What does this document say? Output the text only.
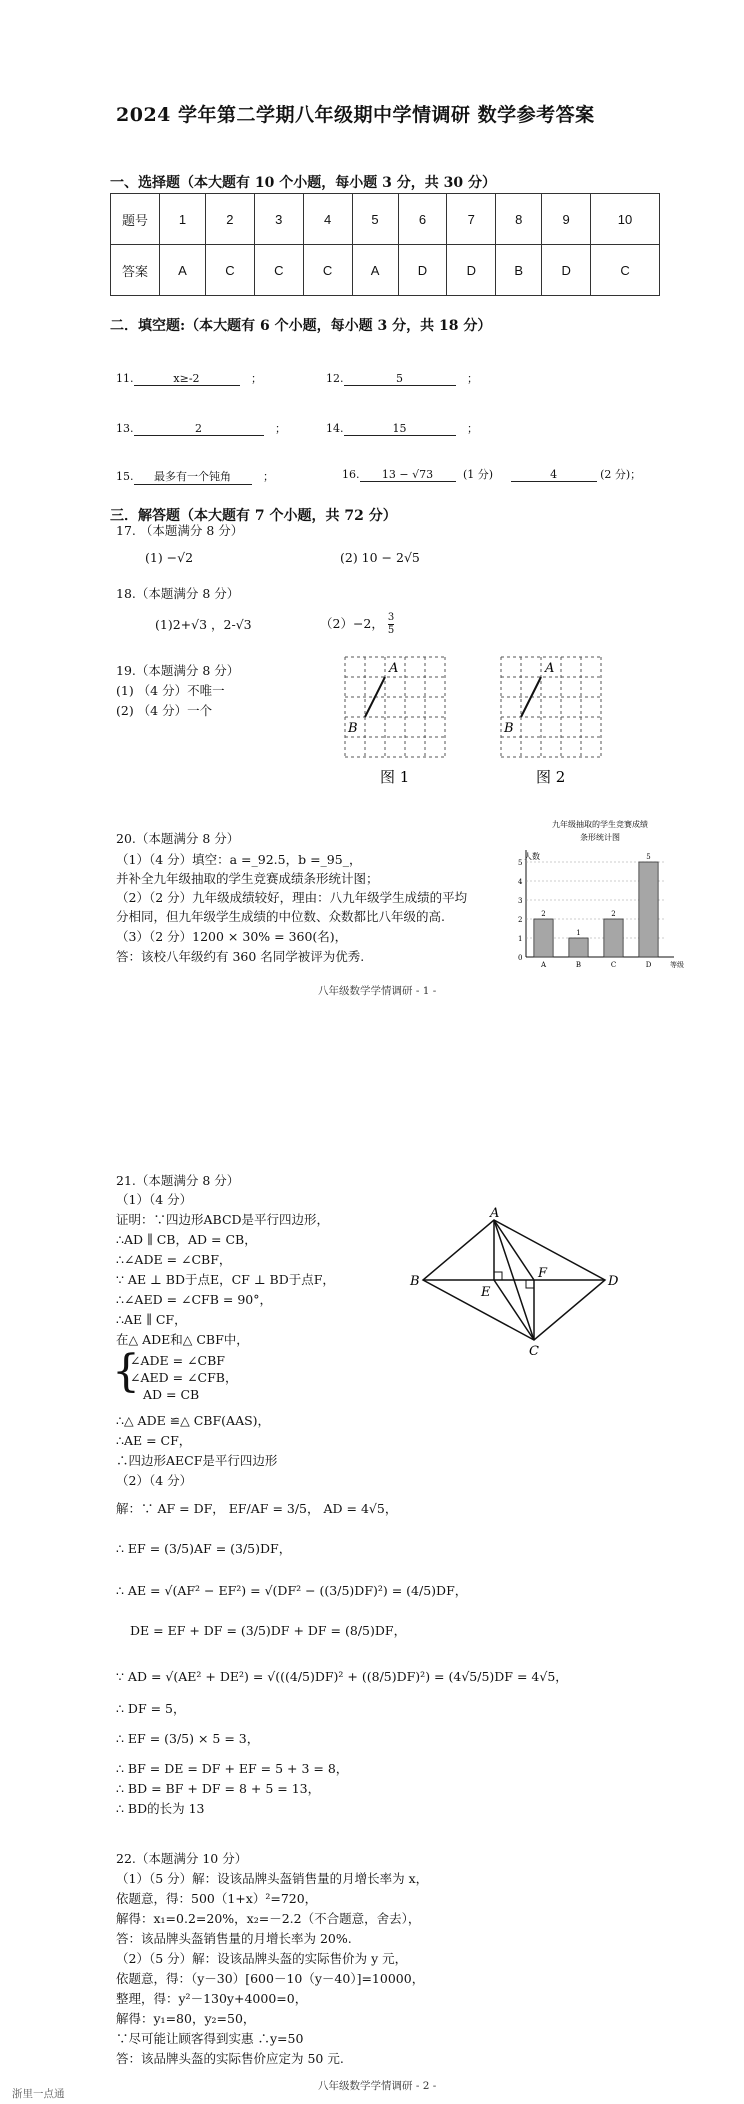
2024 学年第二学期八年级期中学情调研 数学参考答案
一、选择题（本大题有 10 个小题，每小题 3 分，共 30 分）
题号	1	2	3	4	5	6	7	8	9	10
答案	A	C	C	C	A	D	D	B	D	C
二．填空题:（本大题有 6 个小题，每小题 3 分，共 18 分）
11.	x≥-2	；	12.	5	；
13.	2	；	14.	15	；
15. 最多有一个钝角	；	16. 13 − √73	(1 分)	4	(2 分)；
三．解答题（本大题有 7 个小题，共 72 分）
17. （本题满分 8 分）
(1) −√2	(2) 10 − 2√5
18.（本题满分 8 分）
(1)2+√3 ，2-√3	（2）−2， $\frac{3}{5}$
19.（本题满分 8 分）
(1) （4 分）不唯一
(2) （4 分）一个
A
B
图 1
A
B
图 2
20.（本题满分 8 分）
（1）（4 分）填空：a =_92.5，b =_95_，
并补全九年级抽取的学生竞赛成绩条形统计图；
（2）（2 分）九年级成绩较好，理由：八九年级学生成绩的平均
分相同，但九年级学生成绩的中位数、众数都比八年级的高.
（3）（2 分）1200 × 30% = 360(名)，
答：该校八年级约有 360 名同学被评为优秀.
九年级抽取的学生竞赛成绩
条形统计图
人数
等级
0
1
2
3
4
5
2
A
1
B
2
C
5
D
八年级数学学情调研 - 1 -
21.（本题满分 8 分）
（1）（4 分）
证明：∵四边形ABCD是平行四边形，
∴AD ∥ CB，AD = CB，
∴∠ADE = ∠CBF，
∵ AE ⊥ BD于点E，CF ⊥ BD于点F，
∴∠AED = ∠CFB = 90°，
∴AE ∥ CF，
在△ ADE和△ CBF中，
{
∠ADE = ∠CBF
∠AED = ∠CFB，
AD = CB
∴△ ADE ≌△ CBF(AAS)，
∴AE = CF，
∴四边形AECF是平行四边形
（2）（4 分）
解：∵ AF = DF， EF/AF = 3/5， AD = 4√5，
∴ EF = (3/5)AF = (3/5)DF，
∴ AE = √(AF² − EF²) = √(DF² − ((3/5)DF)²) = (4/5)DF，
DE = EF + DF = (3/5)DF + DF = (8/5)DF，
∵ AD = √(AE² + DE²) = √(((4/5)DF)² + ((8/5)DF)²) = (4√5/5)DF = 4√5，
∴ DF = 5，
∴ EF = (3/5) × 5 = 3，
∴ BF = DE = DF + EF = 5 + 3 = 8，
∴ BD = BF + DF = 8 + 5 = 13，
∴ BD的长为 13
A
B
C
D
E
F
22.（本题满分 10 分）
（1）（5 分）解：设该品牌头盔销售量的月增长率为 x，
依题意，得：500（1+x）²=720，
解得：x₁=0.2=20%，x₂=－2.2（不合题意，舍去），
答：该品牌头盔销售量的月增长率为 20%.
（2）（5 分）解：设该品牌头盔的实际售价为 y 元，
依题意，得：（y－30）[600－10（y－40）]=10000，
整理，得：y²－130y+4000=0，
解得：y₁=80，y₂=50，
∵尽可能让顾客得到实惠 ∴y=50
答：该品牌头盔的实际售价应定为 50 元.
八年级数学学情调研 - 2 -
浙里一点通
